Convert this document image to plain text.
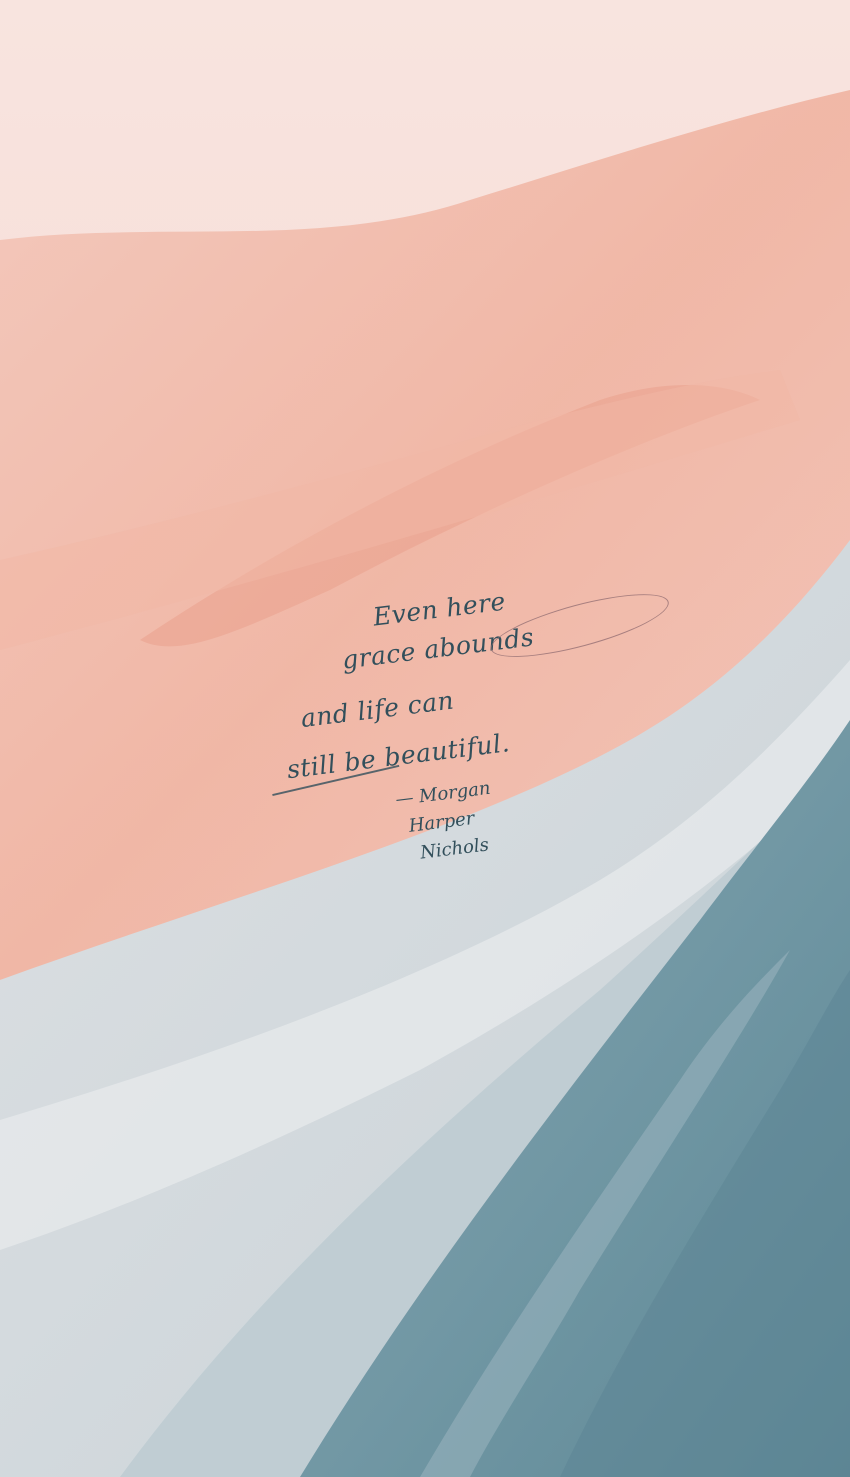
Even here
grace abounds
and life can
still be beautiful.
— Morgan
Harper
Nichols
